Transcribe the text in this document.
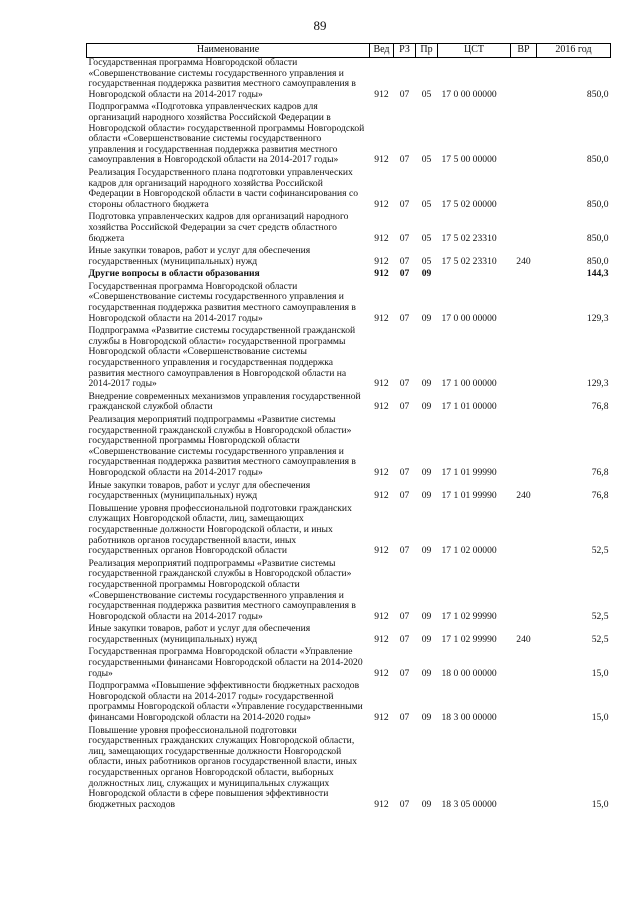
89
Наименование	Вед	РЗ	Пр	ЦСТ	ВР	2016 год
Государственная программа Новгородской области «Совершенствование системы государственного управления и государственная поддержка развития местного самоуправления в Новгородской области на 2014-2017 годы»	912	07	05	17 0 00 00000		850,0
Подпрограмма «Подготовка управленческих кадров для организаций народного хозяйства Российской Федерации в Новгородской области» государственной программы Новгородской области «Совершенствование системы государственного управления и государственная поддержка развития местного самоуправления в Новгородской области на 2014-2017 годы»	912	07	05	17 5 00 00000		850,0
Реализация Государственного плана подготовки управленческих кадров для организаций народного хозяйства Российской Федерации в Новгородской области в части софинансирования со стороны областного бюджета	912	07	05	17 5 02 00000		850,0
Подготовка управленческих кадров для организаций народного хозяйства Российской Федерации за счет средств областного бюджета	912	07	05	17 5 02 23310		850,0
Иные закупки товаров, работ и услуг для обеспечения государственных (муниципальных) нужд	912	07	05	17 5 02 23310	240	850,0
Другие вопросы в области образования	912	07	09			144,3
Государственная программа Новгородской области «Совершенствование системы государственного управления и государственная поддержка развития местного самоуправления в Новгородской области на 2014-2017 годы»	912	07	09	17 0 00 00000		129,3
Подпрограмма «Развитие системы государственной гражданской службы в Новгородской области» государственной программы Новгородской области «Совершенствование системы государственного управления и государственная поддержка развития местного самоуправления в Новгородской области на 2014-2017 годы»	912	07	09	17 1 00 00000		129,3
Внедрение современных механизмов управления государственной гражданской службой области	912	07	09	17 1 01 00000		76,8
Реализация мероприятий подпрограммы «Развитие системы государственной гражданской службы в Новгородской области» государственной программы Новгородской области «Совершенствование системы государственного управления и государственная поддержка развития местного самоуправления в Новгородской области на 2014-2017 годы»	912	07	09	17 1 01 99990		76,8
Иные закупки товаров, работ и услуг для обеспечения государственных (муниципальных) нужд	912	07	09	17 1 01 99990	240	76,8
Повышение уровня профессиональной подготовки гражданских служащих Новгородской области, лиц, замещающих государственные должности Новгородской области, и иных работников органов государственной власти, иных государственных органов Новгородской области	912	07	09	17 1 02 00000		52,5
Реализация мероприятий подпрограммы «Развитие системы государственной гражданской службы в Новгородской области» государственной программы Новгородской области «Совершенствование системы государственного управления и государственная поддержка развития местного самоуправления в Новгородской области на 2014-2017 годы»	912	07	09	17 1 02 99990		52,5
Иные закупки товаров, работ и услуг для обеспечения государственных (муниципальных) нужд	912	07	09	17 1 02 99990	240	52,5
Государственная программа Новгородской области «Управление государственными финансами Новгородской области на 2014-2020 годы»	912	07	09	18 0 00 00000		15,0
Подпрограмма «Повышение эффективности бюджетных расходов Новгородской области на 2014-2017 годы» государственной программы Новгородской области «Управление государственными финансами Новгородской области на 2014-2020 годы»	912	07	09	18 3 00 00000		15,0
Повышение уровня профессиональной подготовки государственных гражданских служащих Новгородской области, лиц, замещающих государственные должности Новгородской области, иных работников органов государственной власти, иных государственных органов Новгородской области, выборных должностных лиц, служащих и муниципальных служащих Новгородской области в сфере повышения эффективности бюджетных расходов	912	07	09	18 3 05 00000		15,0
